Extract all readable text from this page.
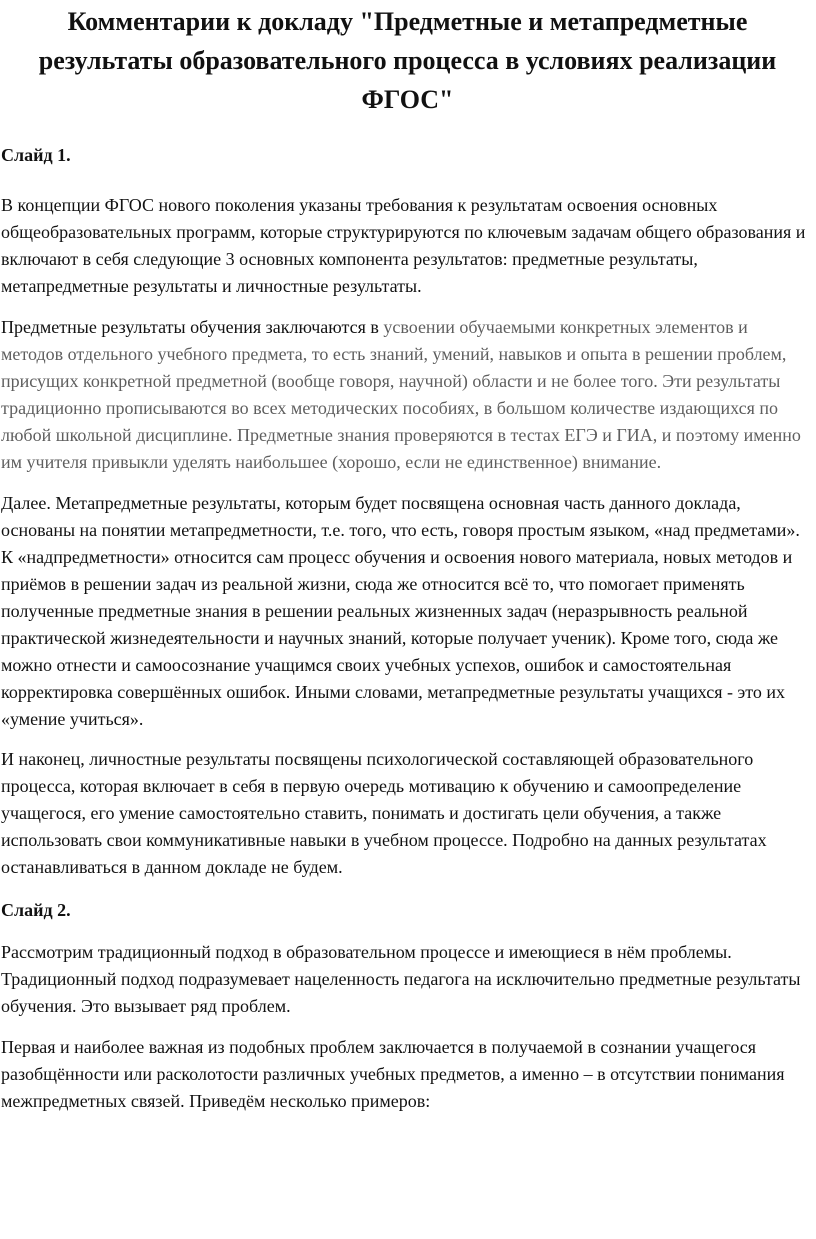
Комментарии к докладу "Предметные и метапредметные результаты образовательного процесса в условиях реализации ФГОС"
Слайд 1.

В концепции ФГОС нового поколения указаны требования к результатам освоения основных общеобразовательных программ, которые структурируются по ключевым задачам общего образования и включают в себя следующие 3 основных компонента результатов: предметные результаты, метапредметные результаты и личностные результаты.

Предметные результаты обучения заключаются в усвоении обучаемыми конкретных элементов и методов отдельного учебного предмета, то есть знаний, умений, навыков и опыта в решении проблем, присущих конкретной предметной (вообще говоря, научной) области и не более того. Эти результаты традиционно прописываются во всех методических пособиях, в большом количестве издающихся по любой школьной дисциплине. Предметные знания проверяются в тестах ЕГЭ и ГИА, и поэтому именно им учителя привыкли уделять наибольшее (хорошо, если не единственное) внимание.

Далее. Метапредметные результаты, которым будет посвящена основная часть данного доклада, основаны на понятии метапредметности, т.е. того, что есть, говоря простым языком, «над предметами». К «надпредметности» относится сам процесс обучения и освоения нового материала, новых методов и приёмов в решении задач из реальной жизни, сюда же относится всё то, что помогает применять полученные предметные знания в решении реальных жизненных задач (неразрывность реальной практической жизнедеятельности и научных знаний, которые получает ученик). Кроме того, сюда же можно отнести и самоосознание учащимся своих учебных успехов, ошибок и самостоятельная корректировка совершённых ошибок. Иными словами, метапредметные результаты учащихся - это их «умение учиться».

И наконец, личностные результаты посвящены психологической составляющей образовательного процесса, которая включает в себя в первую очередь мотивацию к обучению и самоопределение учащегося, его умение самостоятельно ставить, понимать и достигать цели обучения, а также использовать свои коммуникативные навыки в учебном процессе. Подробно на данных результатах останавливаться в данном докладе не будем.

Слайд 2.

Рассмотрим традиционный подход в образовательном процессе и имеющиеся в нём проблемы. Традиционный подход подразумевает нацеленность педагога на исключительно предметные результаты обучения. Это вызывает ряд проблем.

Первая и наиболее важная из подобных проблем заключается в получаемой в сознании учащегося разобщённости или расколотости различных учебных предметов, а именно – в отсутствии понимания межпредметных связей. Приведём несколько примеров:
